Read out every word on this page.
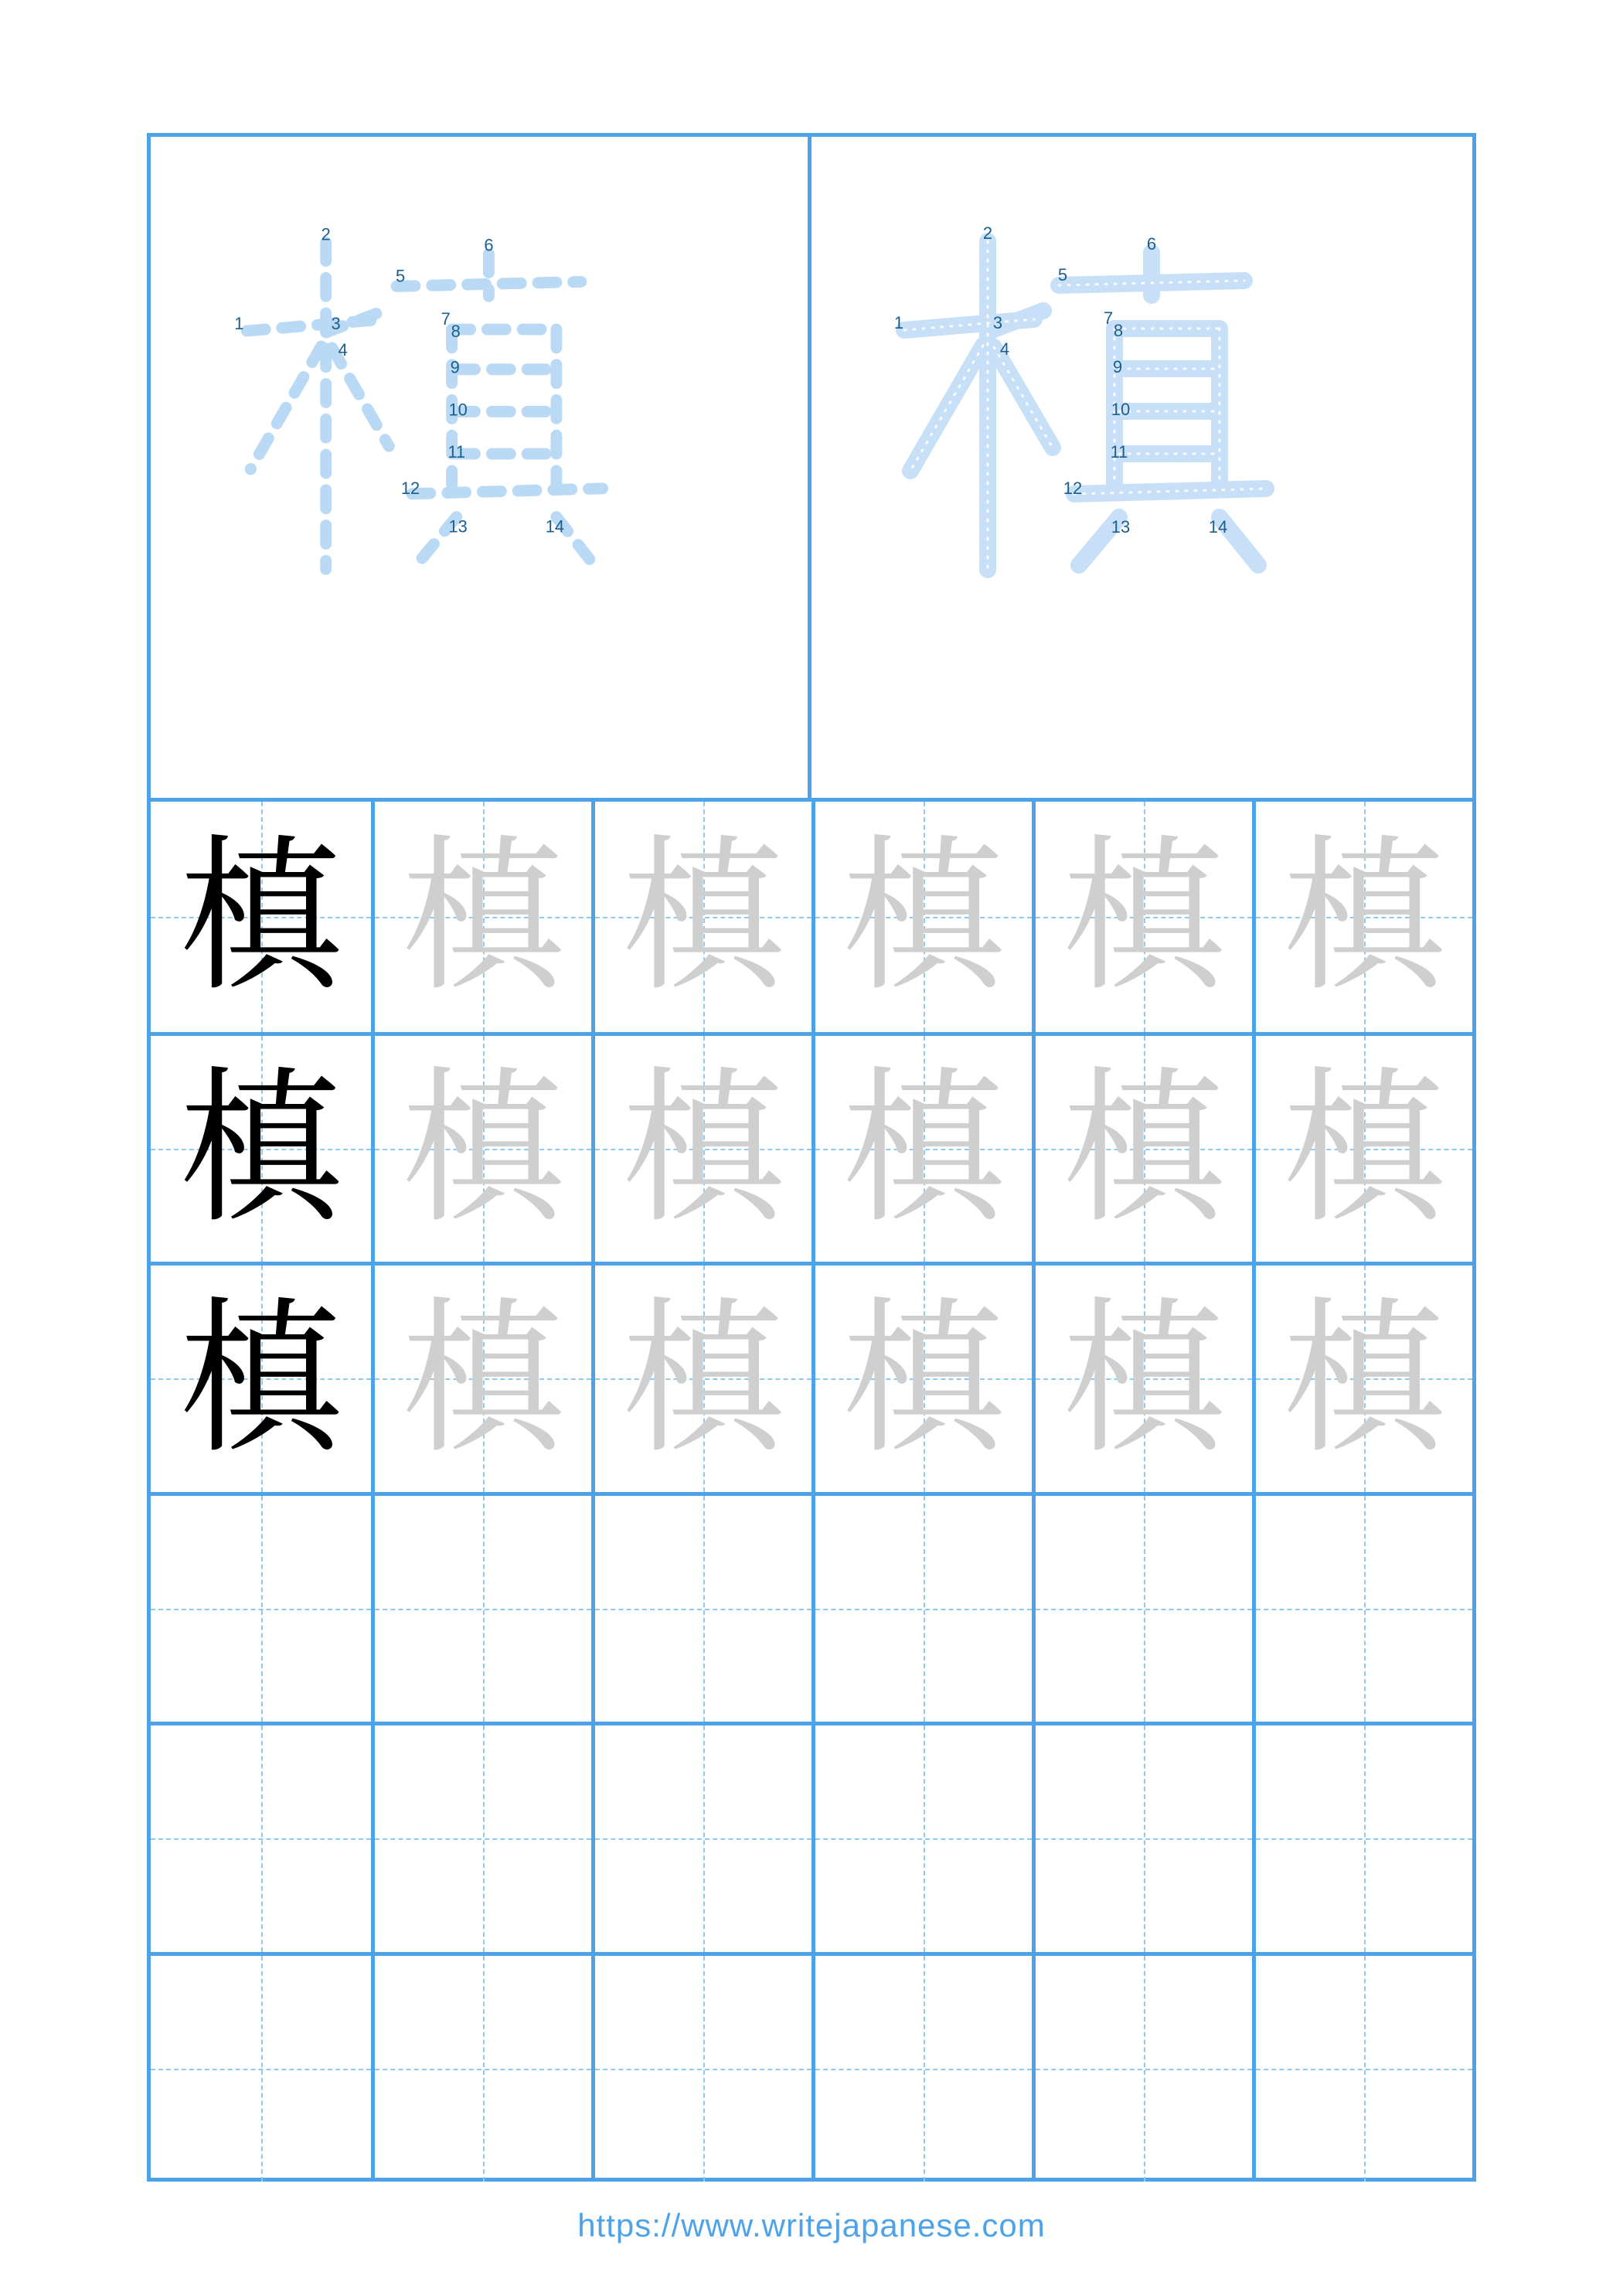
1
2
3
4
5
6
7
8
9
10
11
12
13	14
1
2
3
4
5
6
7
8
9
10
11
12
13	14
槙 槙 槙 槙 槙 槙
槙 槙 槙 槙 槙 槙
槙 槙 槙 槙 槙 槙
https://www.writejapanese.com
